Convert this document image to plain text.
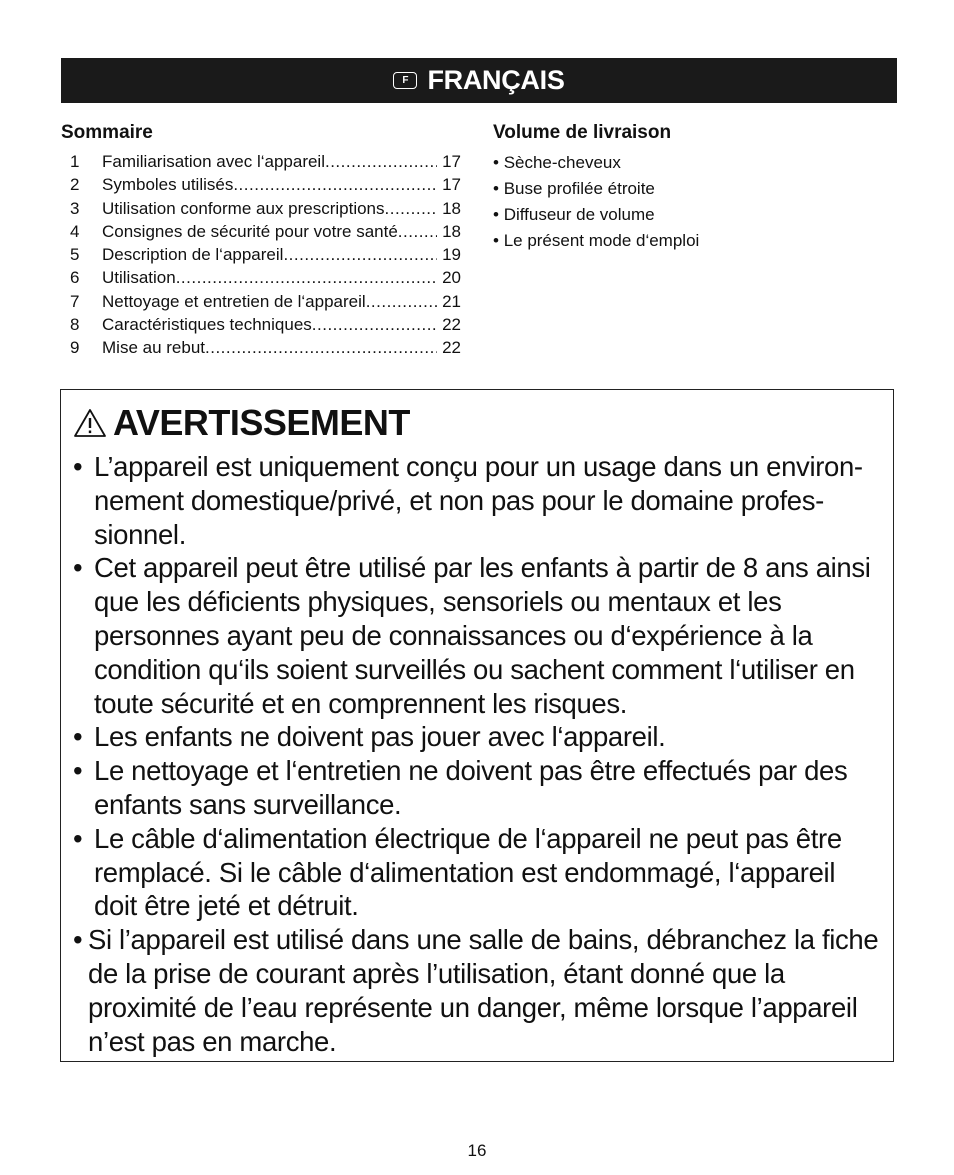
F FRANÇAIS
Sommaire
1	Familiarisation avec l‘appareil .....	17
2	Symboles utilisés .....	17
3	Utilisation conforme aux prescriptions .....	18
4	Consignes de sécurité pour votre santé .....	18
5	Description de l‘appareil .....	19
6	Utilisation .....	20
7	Nettoyage et entretien de l‘appareil .....	21
8	Caractéristiques techniques .....	22
9	Mise au rebut .....	22
Volume de livraison
• Sèche-cheveux
• Buse profilée étroite
• Diffuseur de volume
• Le présent mode d‘emploi
AVERTISSEMENT
• L’appareil est uniquement conçu pour un usage dans un environnement domestique/privé, et non pas pour le domaine professionnel.
• Cet appareil peut être utilisé par les enfants à partir de 8 ans ainsi que les déficients physiques, sensoriels ou mentaux et les personnes ayant peu de connaissances ou d‘expérience à la condition qu‘ils soient surveillés ou sachent comment l‘utiliser en toute sécurité et en comprennent les risques.
• Les enfants ne doivent pas jouer avec l‘appareil.
• Le nettoyage et l‘entretien ne doivent pas être effectués par des enfants sans surveillance.
• Le câble d‘alimentation électrique de l‘appareil ne peut pas être remplacé. Si le câble d‘alimentation est endommagé, l‘appareil doit être jeté et détruit.
• Si l’appareil est utilisé dans une salle de bains, débranchez la fiche de la prise de courant après l’utilisation, étant donné que la proximité de l’eau représente un danger, même lorsque l’appareil n’est pas en marche.
16
